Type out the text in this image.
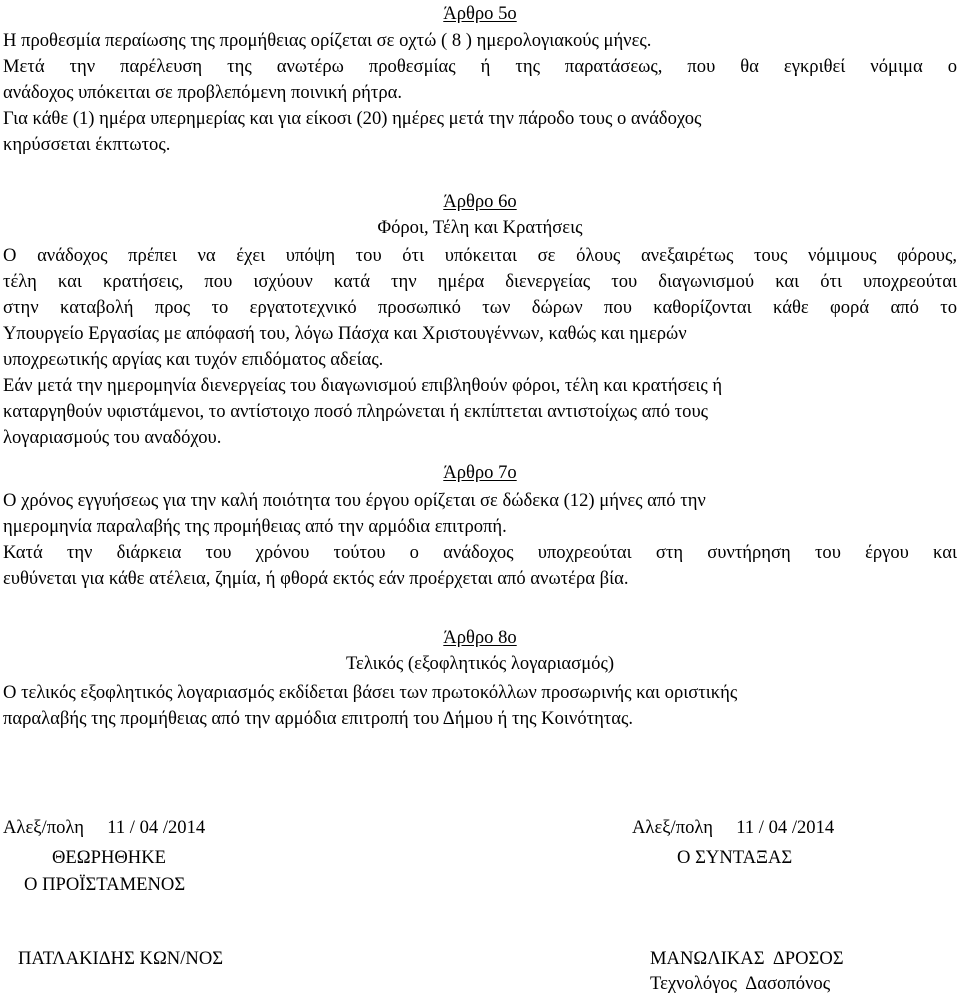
Άρθρο 5ο
Η προθεσμία περαίωσης της προμήθειας ορίζεται σε οχτώ ( 8 ) ημερολογιακούς μήνες.
Μετά την παρέλευση της ανωτέρω προθεσμίας ή της παρατάσεως, που θα εγκριθεί νόμιμα ο
ανάδοχος υπόκειται σε προβλεπόμενη ποινική ρήτρα.
Για κάθε (1) ημέρα υπερημερίας και για είκοσι (20) ημέρες μετά την πάροδο τους ο ανάδοχος
κηρύσσεται έκπτωτος.
Άρθρο 6ο
Φόροι, Τέλη και Κρατήσεις
Ο ανάδοχος πρέπει να έχει υπόψη του ότι υπόκειται σε όλους ανεξαιρέτως τους νόμιμους φόρους,
τέλη και κρατήσεις, που ισχύουν κατά την ημέρα διενεργείας του διαγωνισμού και ότι υποχρεούται
στην καταβολή προς το εργατοτεχνικό προσωπικό των δώρων που καθορίζονται κάθε φορά από το
Υπουργείο Εργασίας με απόφασή του, λόγω Πάσχα και Χριστουγέννων, καθώς και ημερών
υποχρεωτικής αργίας και τυχόν επιδόματος αδείας.
Εάν μετά την ημερομηνία διενεργείας του διαγωνισμού επιβληθούν φόροι, τέλη και κρατήσεις ή
καταργηθούν υφιστάμενοι, το αντίστοιχο ποσό πληρώνεται ή εκπίπτεται αντιστοίχως από τους
λογαριασμούς του αναδόχου.
Άρθρο 7ο
Ο χρόνος εγγυήσεως για την καλή ποιότητα του έργου ορίζεται σε δώδεκα (12) μήνες από την
ημερομηνία παραλαβής της προμήθειας από την αρμόδια επιτροπή.
Κατά την διάρκεια του χρόνου τούτου ο ανάδοχος υποχρεούται στη συντήρηση του έργου και
ευθύνεται για κάθε ατέλεια, ζημία, ή φθορά εκτός εάν προέρχεται από ανωτέρα βία.
Άρθρο 8ο
Τελικός (εξοφλητικός λογαριασμός)
Ο τελικός εξοφλητικός λογαριασμός εκδίδεται βάσει των πρωτοκόλλων προσωρινής και οριστικής
παραλαβής της προμήθειας από την αρμόδια επιτροπή του Δήμου ή της Κοινότητας.
Αλεξ/πολη     11 / 04 /2014
ΘΕΩΡΗΘΗΚΕ
Ο ΠΡΟΪΣΤΑΜΕΝΟΣ
ΠΑΤΛΑΚΙΔΗΣ ΚΩΝ/ΝΟΣ
Αλεξ/πολη     11 / 04 /2014
Ο ΣΥΝΤΑΞΑΣ
ΜΑΝΩΛΙΚΑΣ  ΔΡΟΣΟΣ
Τεχνολόγος  Δασοπόνος
